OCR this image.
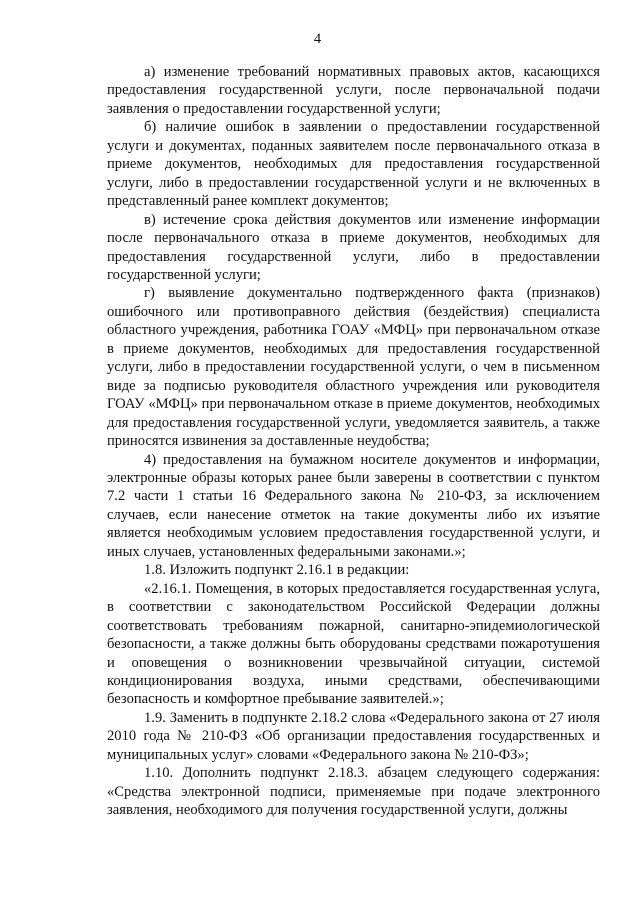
4

а) изменение требований нормативных правовых актов, касающихся предоставления государственной услуги, после первоначальной подачи заявления о предоставлении государственной услуги;

б) наличие ошибок в заявлении о предоставлении государственной услуги и документах, поданных заявителем после первоначального отказа в приеме документов, необходимых для предоставления государственной услуги, либо в предоставлении государственной услуги и не включенных в представленный ранее комплект документов;

в) истечение срока действия документов или изменение информации после первоначального отказа в приеме документов, необходимых для предоставления государственной услуги, либо в предоставлении государственной услуги;

г) выявление документально подтвержденного факта (признаков) ошибочного или противоправного действия (бездействия) специалиста областного учреждения, работника ГОАУ «МФЦ» при первоначальном отказе в приеме документов, необходимых для предоставления государственной услуги, либо в предоставлении государственной услуги, о чем в письменном виде за подписью руководителя областного учреждения или руководителя ГОАУ «МФЦ» при первоначальном отказе в приеме документов, необходимых для предоставления государственной услуги, уведомляется заявитель, а также приносятся извинения за доставленные неудобства;

4) предоставления на бумажном носителе документов и информации, электронные образы которых ранее были заверены в соответствии с пунктом 7.2 части 1 статьи 16 Федерального закона № 210-ФЗ, за исключением случаев, если нанесение отметок на такие документы либо их изъятие является необходимым условием предоставления государственной услуги, и иных случаев, установленных федеральными законами.»;

1.8. Изложить подпункт 2.16.1 в редакции:

«2.16.1. Помещения, в которых предоставляется государственная услуга, в соответствии с законодательством Российской Федерации должны соответствовать требованиям пожарной, санитарно-эпидемиологической безопасности, а также должны быть оборудованы средствами пожаротушения и оповещения о возникновении чрезвычайной ситуации, системой кондиционирования воздуха, иными средствами, обеспечивающими безопасность и комфортное пребывание заявителей.»;

1.9. Заменить в подпункте 2.18.2 слова «Федерального закона от 27 июля 2010 года № 210-ФЗ «Об организации предоставления государственных и муниципальных услуг» словами «Федерального закона № 210-ФЗ»;

1.10. Дополнить подпункт 2.18.3. абзацем следующего содержания: «Средства электронной подписи, применяемые при подаче электронного заявления, необходимого для получения государственной услуги, должны
